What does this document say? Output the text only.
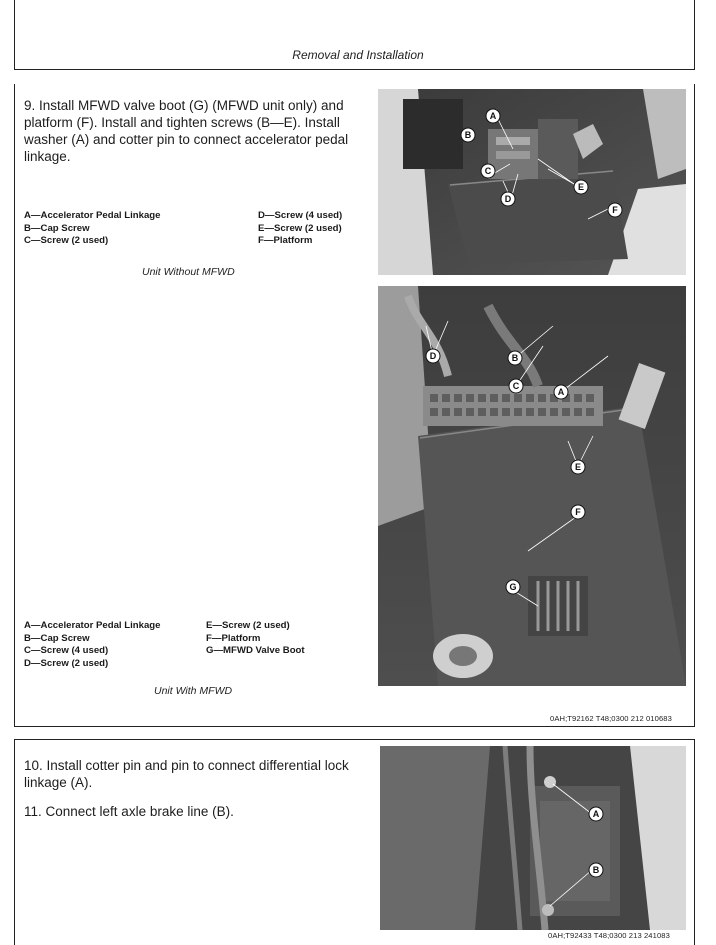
Removal and Installation
9. Install MFWD valve boot (G) (MFWD unit only) and platform (F). Install and tighten screws (B—E). Install washer (A) and cotter pin to connect accelerator pedal linkage.
A—Accelerator Pedal Linkage
B—Cap Screw
C—Screw (2 used)
D—Screw (4 used)
E—Screw (2 used)
F—Platform
Unit Without MFWD
A—Accelerator Pedal Linkage
B—Cap Screw
C—Screw (4 used)
D—Screw (2 used)
E—Screw (2 used)
F—Platform
G—MFWD Valve Boot
Unit With MFWD
A
B
C
D
E
F
D	B
C
A
E
F
G
0AH;T92162 T48;0300 212 010683
10. Install cotter pin and pin to connect differential lock linkage (A).
11. Connect left axle brake line (B).	A
B
0AH;T92433 T48;0300 213 241083
